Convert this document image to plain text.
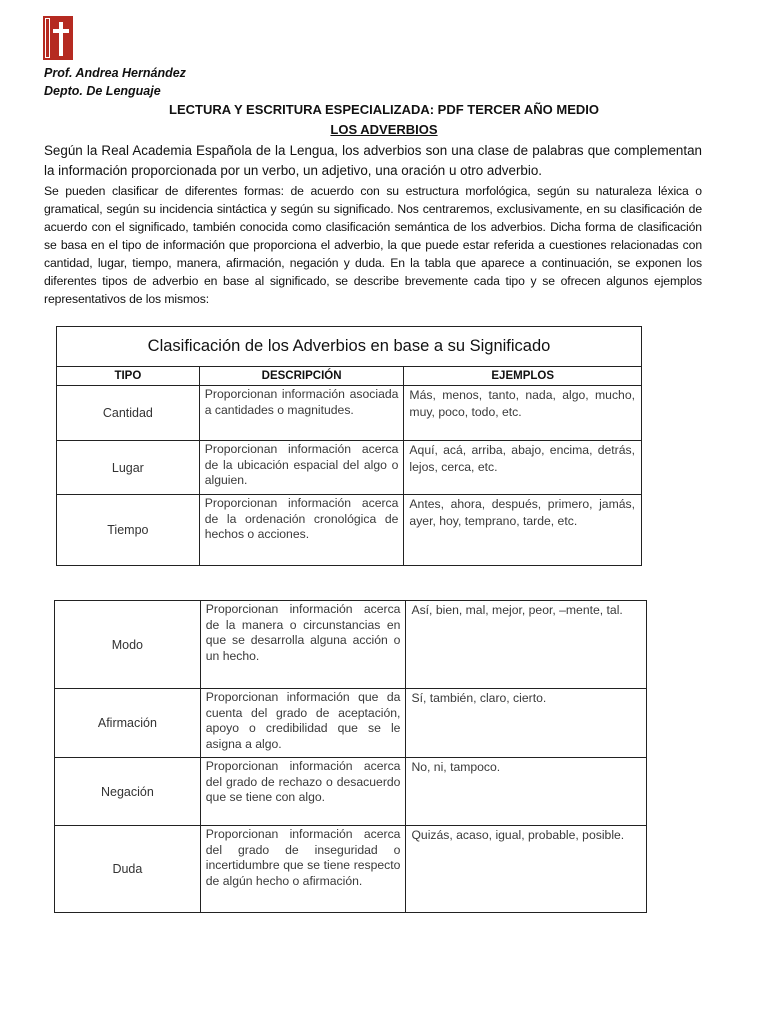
Prof. Andrea Hernández
Depto. De Lenguaje
LECTURA Y ESCRITURA ESPECIALIZADA: PDF TERCER AÑO MEDIO
LOS ADVERBIOS
Según la Real Academia Española de la Lengua, los adverbios son una clase de palabras que complementan la información proporcionada por un verbo, un adjetivo, una oración u otro adverbio.
Se pueden clasificar de diferentes formas: de acuerdo con su estructura morfológica, según su naturaleza léxica o gramatical, según su incidencia sintáctica y según su significado. Nos centraremos, exclusivamente, en su clasificación de acuerdo con el significado, también conocida como clasificación semántica de los adverbios. Dicha forma de clasificación se basa en el tipo de información que proporciona el adverbio, la que puede estar referida a cuestiones relacionadas con cantidad, lugar, tiempo, manera, afirmación, negación y duda. En la tabla que aparece a continuación, se exponen los diferentes tipos de adverbio en base al significado, se describe brevemente cada tipo y se ofrecen algunos ejemplos representativos de los mismos:
Clasificación de los Adverbios en base a su Significado		
TIPO	DESCRIPCIÓN	EJEMPLOS
Cantidad	Proporcionan información asociada a cantidades o magnitudes.	Más, menos, tanto, nada, algo, mucho, muy, poco, todo, etc.
Lugar	Proporcionan información acerca de la ubicación espacial del algo o alguien.	Aquí, acá, arriba, abajo, encima, detrás, lejos, cerca, etc.
Tiempo	Proporcionan información acerca de la ordenación cronológica de hechos o acciones.	Antes, ahora, después, primero, jamás, ayer, hoy, temprano, tarde, etc.
Modo	Proporcionan información acerca de la manera o circunstancias en que se desarrolla alguna acción o un hecho.	Así, bien, mal, mejor, peor, –mente, tal.
Afirmación	Proporcionan información que da cuenta del grado de aceptación, apoyo o credibilidad que se le asigna a algo.	Sí, también, claro, cierto.
Negación	Proporcionan información acerca del grado de rechazo o desacuerdo que se tiene con algo.	No, ni, tampoco.
Duda	Proporcionan información acerca del grado de inseguridad o incertidumbre que se tiene respecto de algún hecho o afirmación.	Quizás, acaso, igual, probable, posible.
